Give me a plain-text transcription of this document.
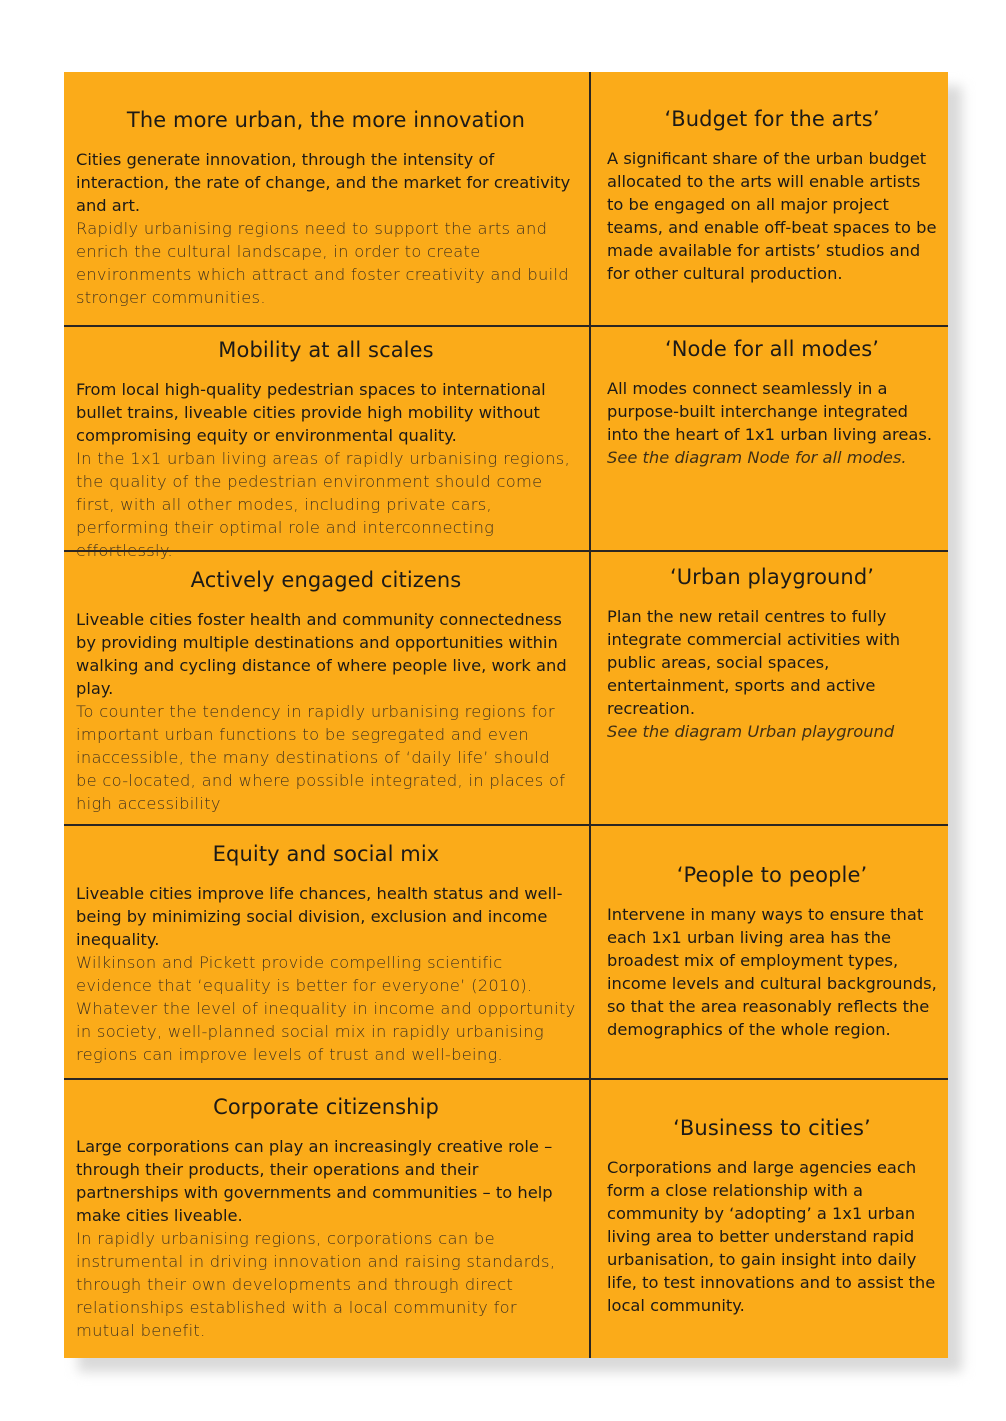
The more urban, the more innovation

Cities generate innovation, through the intensity of interaction, the rate of change, and the market for creativity and art.

Rapidly urbanising regions need to support the arts and enrich the cultural landscape, in order to create environments which attract and foster creativity and build stronger communities.

‘Budget for the arts’

A significant share of the urban budget allocated to the arts will enable artists to be engaged on all major project teams, and enable off-beat spaces to be made available for artists’ studios and for other cultural production.

Mobility at all scales

From local high-quality pedestrian spaces to international bullet trains, liveable cities provide high mobility without compromising equity or environmental quality.

In the 1x1 urban living areas of rapidly urbanising regions, the quality of the pedestrian environment should come first, with all other modes, including private cars, performing their optimal role and interconnecting effortlessly.

‘Node for all modes’

All modes connect seamlessly in a purpose-built interchange integrated into the heart of 1x1 urban living areas. See the diagram Node for all modes.

Actively engaged citizens

Liveable cities foster health and community connectedness by providing multiple destinations and opportunities within walking and cycling distance of where people live, work and play.

To counter the tendency in rapidly urbanising regions for important urban functions to be segregated and even inaccessible, the many destinations of ‘daily life’ should be co-located, and where possible integrated, in places of high accessibility

‘Urban playground’

Plan the new retail centres to fully integrate commercial activities with public areas, social spaces, entertainment, sports and active recreation.

See the diagram Urban playground

Equity and social mix

Liveable cities improve life chances, health status and well-being by minimizing social division, exclusion and income inequality.

Wilkinson and Pickett provide compelling scientific evidence that ‘equality is better for everyone’ (2010). Whatever the level of inequality in income and opportunity in society, well-planned social mix in rapidly urbanising regions can improve levels of trust and well-being.

‘People to people’

Intervene in many ways to ensure that each 1x1 urban living area has the broadest mix of employment types, income levels and cultural backgrounds, so that the area reasonably reflects the demographics of the whole region.

Corporate citizenship

Large corporations can play an increasingly creative role – through their products, their operations and their partnerships with governments and communities – to help make cities liveable.

In rapidly urbanising regions, corporations can be instrumental in driving innovation and raising standards, through their own developments and through direct relationships established with a local community for mutual benefit.

‘Business to cities’

Corporations and large agencies each form a close relationship with a community by ‘adopting’ a 1x1 urban living area to better understand rapid urbanisation, to gain insight into daily life, to test innovations and to assist the local community.
